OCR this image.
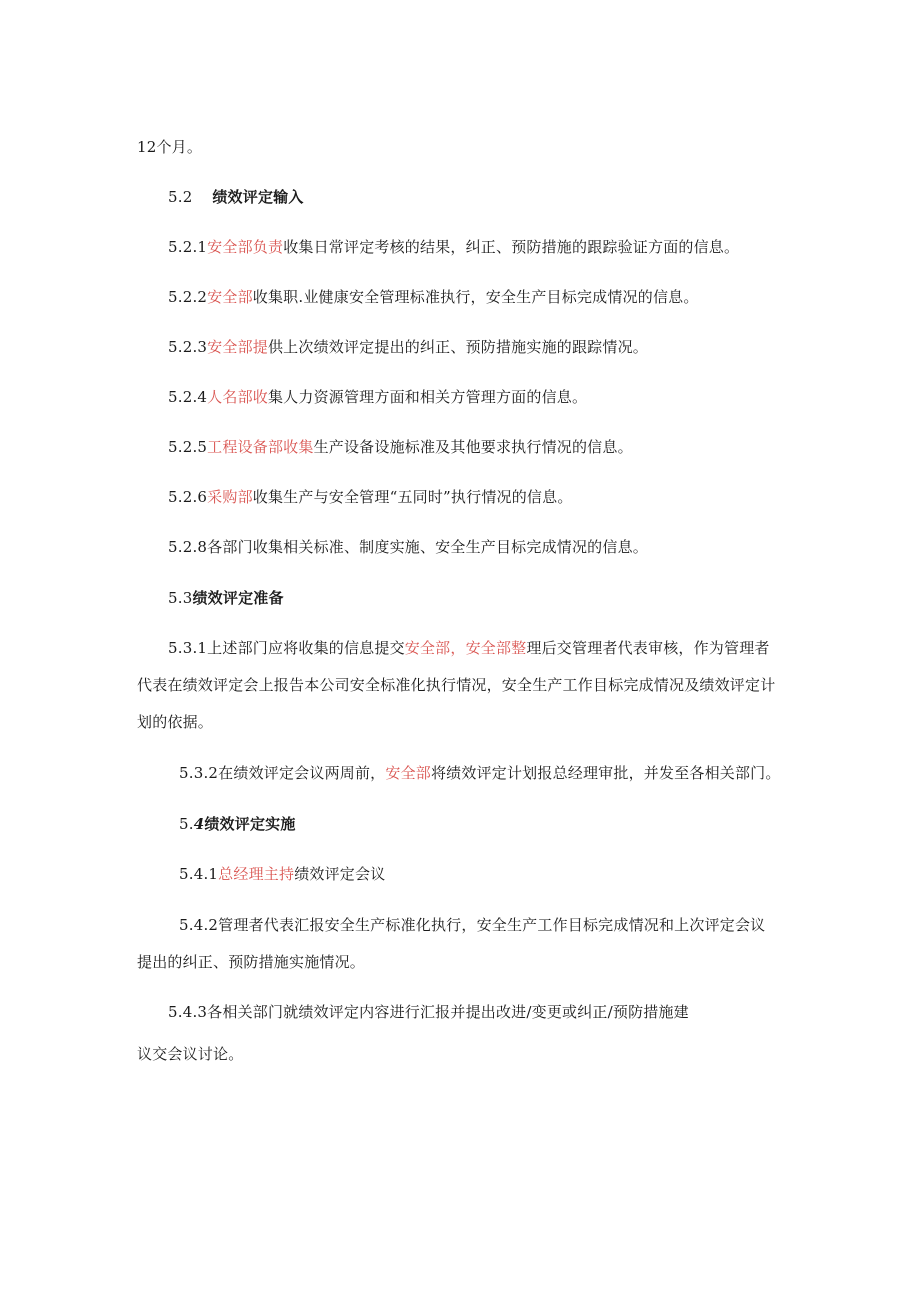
12个月。
5.2 绩效评定输入
5.2.1安全部负责收集日常评定考核的结果，纠正、预防措施的跟踪验证方面的信息。
5.2.2安全部收集职.业健康安全管理标准执行，安全生产目标完成情况的信息。
5.2.3安全部提供上次绩效评定提出的纠正、预防措施实施的跟踪情况。
5.2.4人名部收集人力资源管理方面和相关方管理方面的信息。
5.2.5工程设备部收集生产设备设施标准及其他要求执行情况的信息。
5.2.6采购部收集生产与安全管理“五同时”执行情况的信息。
5.2.8各部门收集相关标准、制度实施、安全生产目标完成情况的信息。
5.3绩效评定准备
5.3.1上述部门应将收集的信息提交安全部，安全部整理后交管理者代表审核，作为管理者
代表在绩效评定会上报告本公司安全标准化执行情况，安全生产工作目标完成情况及绩效评定计
划的依据。
5.3.2在绩效评定会议两周前，安全部将绩效评定计划报总经理审批，并发至各相关部门。
5.4绩效评定实施
5.4.1总经理主持绩效评定会议
5.4.2管理者代表汇报安全生产标准化执行，安全生产工作目标完成情况和上次评定会议
提出的纠正、预防措施实施情况。
5.4.3各相关部门就绩效评定内容进行汇报并提出改进/变更或纠正/预防措施建
议交会议讨论。
